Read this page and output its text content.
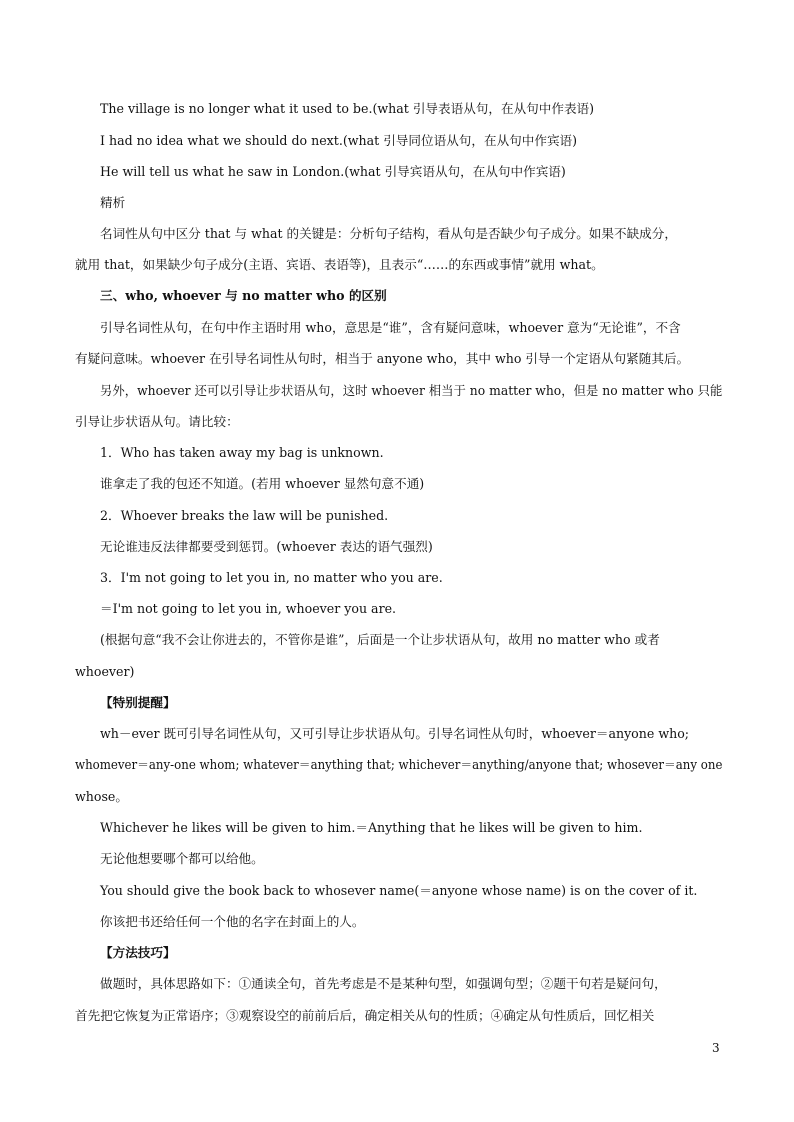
The village is no longer what it used to be.(what 引导表语从句，在从句中作表语)
I had no idea what we should do next.(what 引导同位语从句，在从句中作宾语)
He will tell us what he saw in London.(what 引导宾语从句，在从句中作宾语)
精析
名词性从句中区分 that 与 what 的关键是：分析句子结构，看从句是否缺少句子成分。如果不缺成分，
就用 that，如果缺少句子成分(主语、宾语、表语等)，且表示“……的东西或事情”就用 what。
三、who, whoever 与 no matter who 的区别
引导名词性从句，在句中作主语时用 who，意思是“谁”，含有疑问意味，whoever 意为“无论谁”，不含
有疑问意味。whoever 在引导名词性从句时，相当于 anyone who，其中 who 引导一个定语从句紧随其后。
另外，whoever 还可以引导让步状语从句，这时 whoever 相当于 no matter who，但是 no matter who 只能
引导让步状语从句。请比较：
1．Who has taken away my bag is unknown.
谁拿走了我的包还不知道。(若用 whoever 显然句意不通)
2．Whoever breaks the law will be punished.
无论谁违反法律都要受到惩罚。(whoever 表达的语气强烈)
3．I'm not going to let you in, no matter who you are.
＝I'm not going to let you in, whoever you are.
(根据句意“我不会让你进去的，不管你是谁”，后面是一个让步状语从句，故用 no matter who 或者
whoever)
【特别提醒】
wh－ever 既可引导名词性从句，又可引导让步状语从句。引导名词性从句时，whoever＝anyone who;
whomever＝any-one whom; whatever＝anything that; whichever＝anything/anyone that; whosever＝any one
whose。
Whichever he likes will be given to him.＝Anything that he likes will be given to him.
无论他想要哪个都可以给他。
You should give the book back to whosever name(＝anyone whose name) is on the cover of it.
你该把书还给任何一个他的名字在封面上的人。
【方法技巧】
做题时，具体思路如下：①通读全句，首先考虑是不是某种句型，如强调句型；②题干句若是疑问句，
首先把它恢复为正常语序；③观察设空的前前后后，确定相关从句的性质；④确定从句性质后，回忆相关
3
